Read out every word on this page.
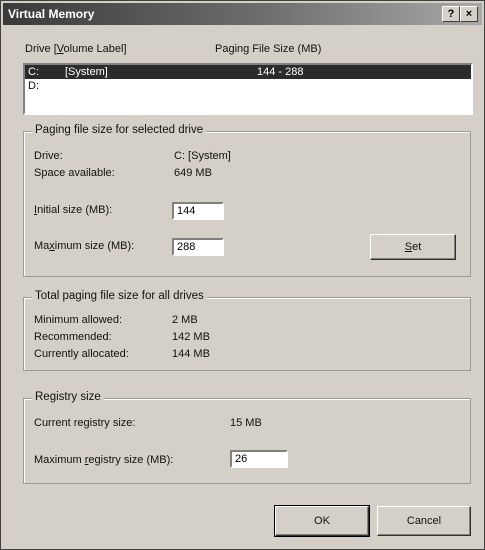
Virtual Memory	?	×
Drive [Volume Label]	Paging File Size (MB)
C: [System]	144 - 288
D:
Paging file size for selected drive
Drive:	C: [System]
Space available:	649 MB
Initial size (MB):
144
Maximum size (MB):
288	Set
Total paging file size for all drives
Minimum allowed:	2 MB
Recommended:	142 MB
Currently allocated:	144 MB
Registry size
Current registry size:	15 MB
Maximum registry size (MB):
26
OK	Cancel
